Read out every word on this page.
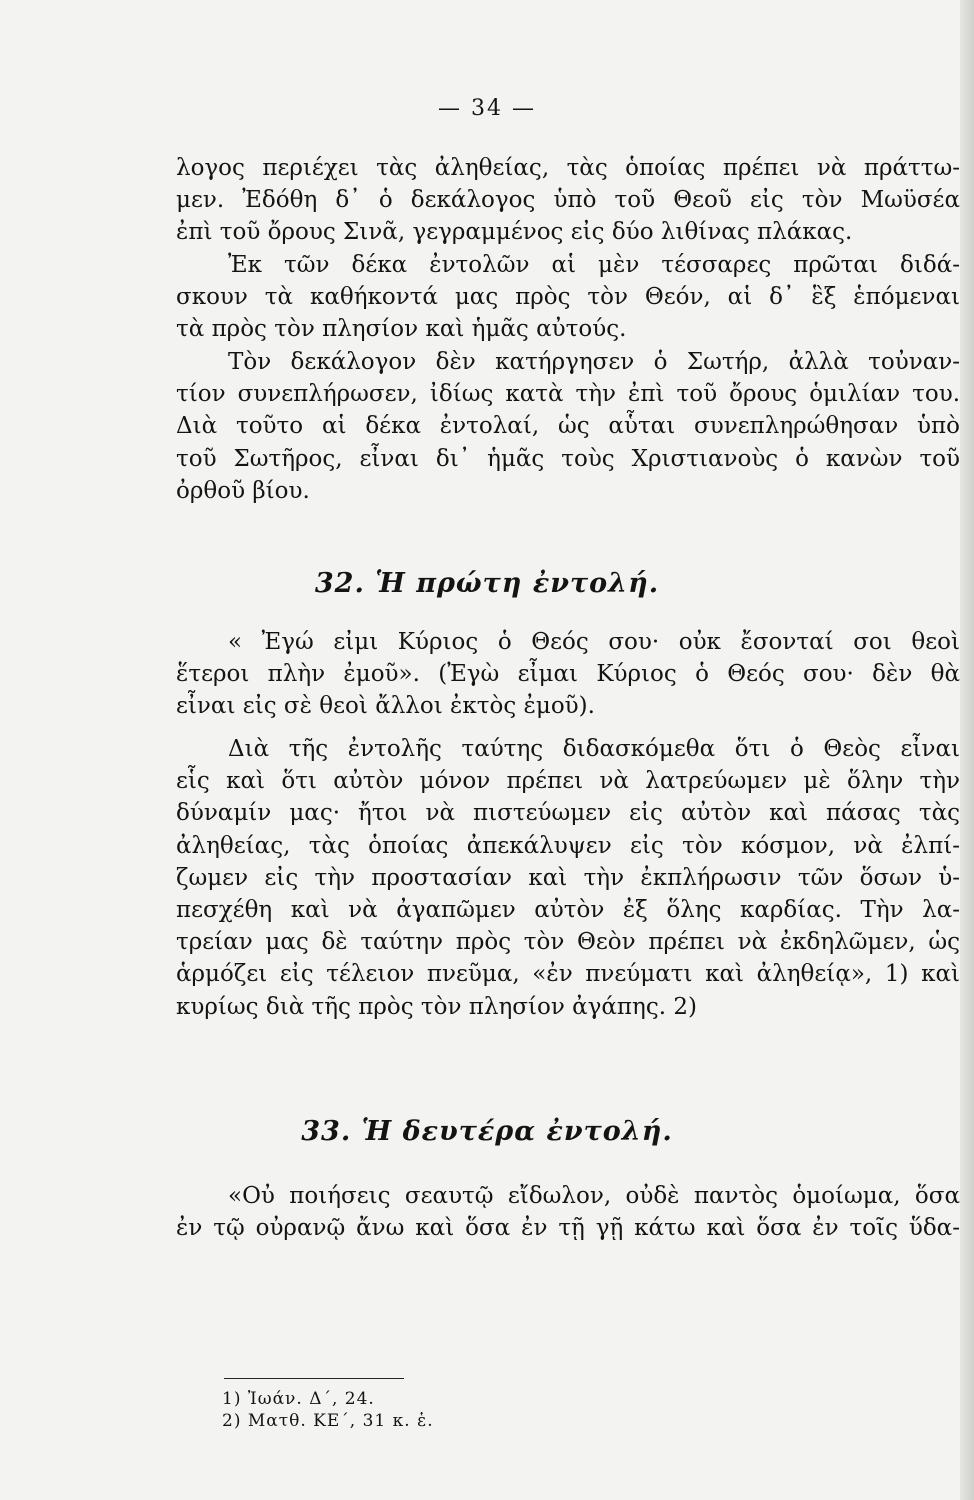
— 34 —
λογος περιέχει τὰς ἀληθείας, τὰς ὁποίας πρέπει νὰ πράττω-
μεν. Ἐδόθη δ᾽ ὁ δεκάλογος ὑπὸ τοῦ Θεοῦ εἰς τὸν Μωϋσέα
ἐπὶ τοῦ ὄρους Σινᾶ, γεγραμμένος εἰς δύο λιθίνας πλάκας.
Ἐκ τῶν δέκα ἐντολῶν αἱ μὲν τέσσαρες πρῶται διδά-
σκουν τὰ καθήκοντά μας πρὸς τὸν Θεόν, αἱ δ᾽ ἓξ ἑπόμεναι
τὰ πρὸς τὸν πλησίον καὶ ἡμᾶς αὐτούς.
Τὸν δεκάλογον δὲν κατήργησεν ὁ Σωτήρ, ἀλλὰ τοὐναν-
τίον συνεπλήρωσεν, ἰδίως κατὰ τὴν ἐπὶ τοῦ ὄρους ὁμιλίαν του.
Διὰ τοῦτο αἱ δέκα ἐντολαί, ὡς αὗται συνεπληρώθησαν ὑπὸ
τοῦ Σωτῆρος, εἶναι δι᾽ ἡμᾶς τοὺς Χριστιανοὺς ὁ κανὼν τοῦ
ὀρθοῦ βίου.
32. Ἡ πρώτη ἐντολή.
« Ἐγώ εἰμι Κύριος ὁ Θεός σου· οὐκ ἔσονταί σοι θεοὶ
ἕτεροι πλὴν ἐμοῦ». (Ἐγὼ εἶμαι Κύριος ὁ Θεός σου· δὲν θὰ
εἶναι εἰς σὲ θεοὶ ἄλλοι ἐκτὸς ἐμοῦ).
Διὰ τῆς ἐντολῆς ταύτης διδασκόμεθα ὅτι ὁ Θεὸς εἶναι
εἷς καὶ ὅτι αὐτὸν μόνον πρέπει νὰ λατρεύωμεν μὲ ὅλην τὴν
δύναμίν μας· ἤτοι νὰ πιστεύωμεν εἰς αὐτὸν καὶ πάσας τὰς
ἀληθείας, τὰς ὁποίας ἀπεκάλυψεν εἰς τὸν κόσμον, νὰ ἐλπί-
ζωμεν εἰς τὴν προστασίαν καὶ τὴν ἐκπλήρωσιν τῶν ὅσων ὑ-
πεσχέθη καὶ νὰ ἀγαπῶμεν αὐτὸν ἐξ ὅλης καρδίας. Τὴν λα-
τρείαν μας δὲ ταύτην πρὸς τὸν Θεὸν πρέπει νὰ ἐκδηλῶμεν, ὡς
ἁρμόζει εἰς τέλειον πνεῦμα, «ἐν πνεύματι καὶ ἀληθείᾳ», 1) καὶ
κυρίως διὰ τῆς πρὸς τὸν πλησίον ἀγάπης. 2)
33. Ἡ δευτέρα ἐντολή.
«Οὐ ποιήσεις σεαυτῷ εἴδωλον, οὐδὲ παντὸς ὁμοίωμα, ὅσα
ἐν τῷ οὐρανῷ ἄνω καὶ ὅσα ἐν τῇ γῇ κάτω καὶ ὅσα ἐν τοῖς ὕδα-
1) Ἰωάν. Δ΄, 24.
2) Ματθ. ΚΕ΄, 31 κ. ἑ.
